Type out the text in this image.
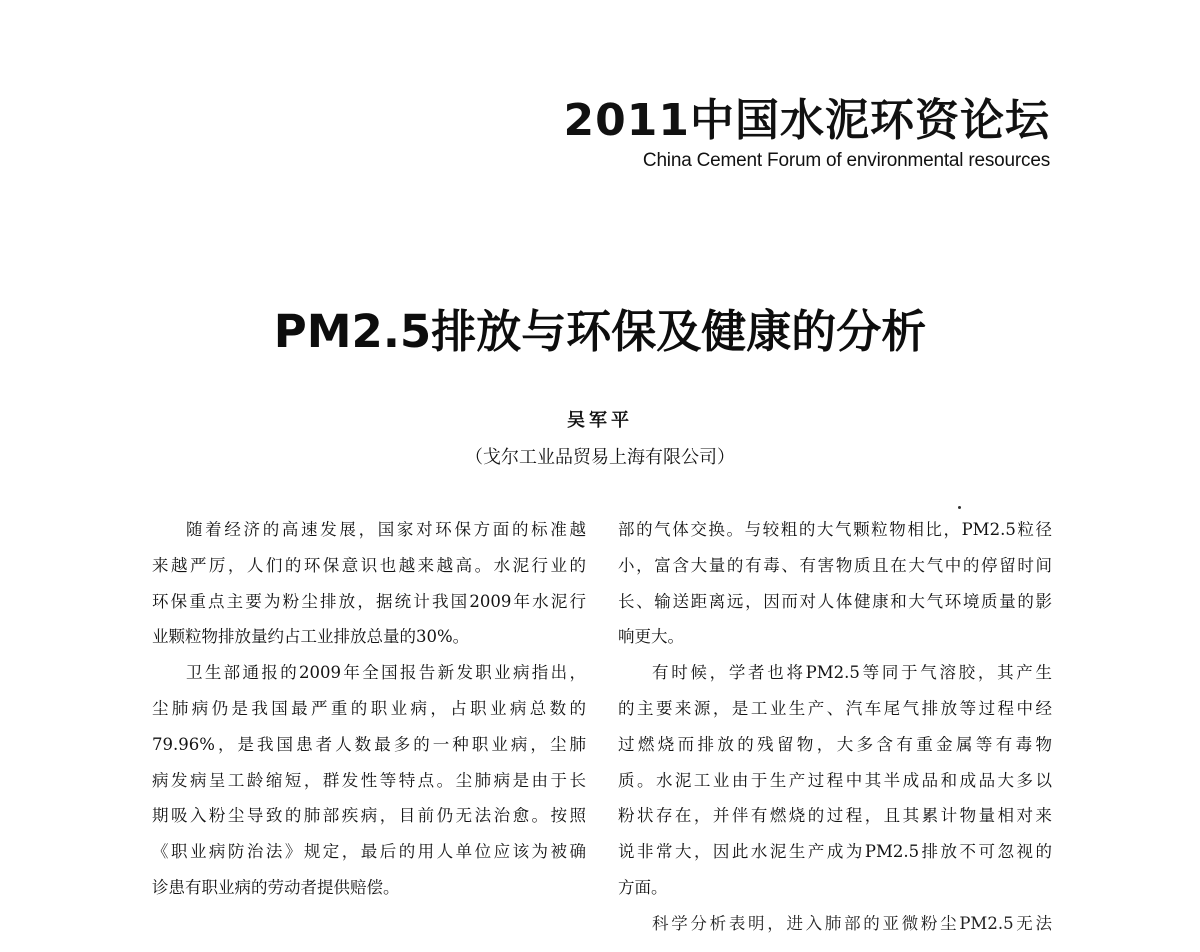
2011中国水泥环资论坛
China Cement Forum of environmental resources
PM2.5排放与环保及健康的分析
吴军平
（戈尔工业品贸易上海有限公司）
随着经济的高速发展，国家对环保方面的标准越
来越严厉，人们的环保意识也越来越高。水泥行业的
环保重点主要为粉尘排放，据统计我国2009年水泥行
业颗粒物排放量约占工业排放总量的30%。
卫生部通报的2009年全国报告新发职业病指出，
尘肺病仍是我国最严重的职业病，占职业病总数的
79.96%，是我国患者人数最多的一种职业病，尘肺
病发病呈工龄缩短，群发性等特点。尘肺病是由于长
期吸入粉尘导致的肺部疾病，目前仍无法治愈。按照
《职业病防治法》规定，最后的用人单位应该为被确
诊患有职业病的劳动者提供赔偿。
部的气体交换。与较粗的大气颗粒物相比，PM2.5粒径
小，富含大量的有毒、有害物质且在大气中的停留时间
长、输送距离远，因而对人体健康和大气环境质量的影
响更大。
有时候，学者也将PM2.5等同于气溶胶，其产生
的主要来源，是工业生产、汽车尾气排放等过程中经
过燃烧而排放的残留物，大多含有重金属等有毒物
质。水泥工业由于生产过程中其半成品和成品大多以
粉状存在，并伴有燃烧的过程，且其累计物量相对来
说非常大，因此水泥生产成为PM2.5排放不可忽视的
方面。
科学分析表明，进入肺部的亚微粉尘PM2.5无法
